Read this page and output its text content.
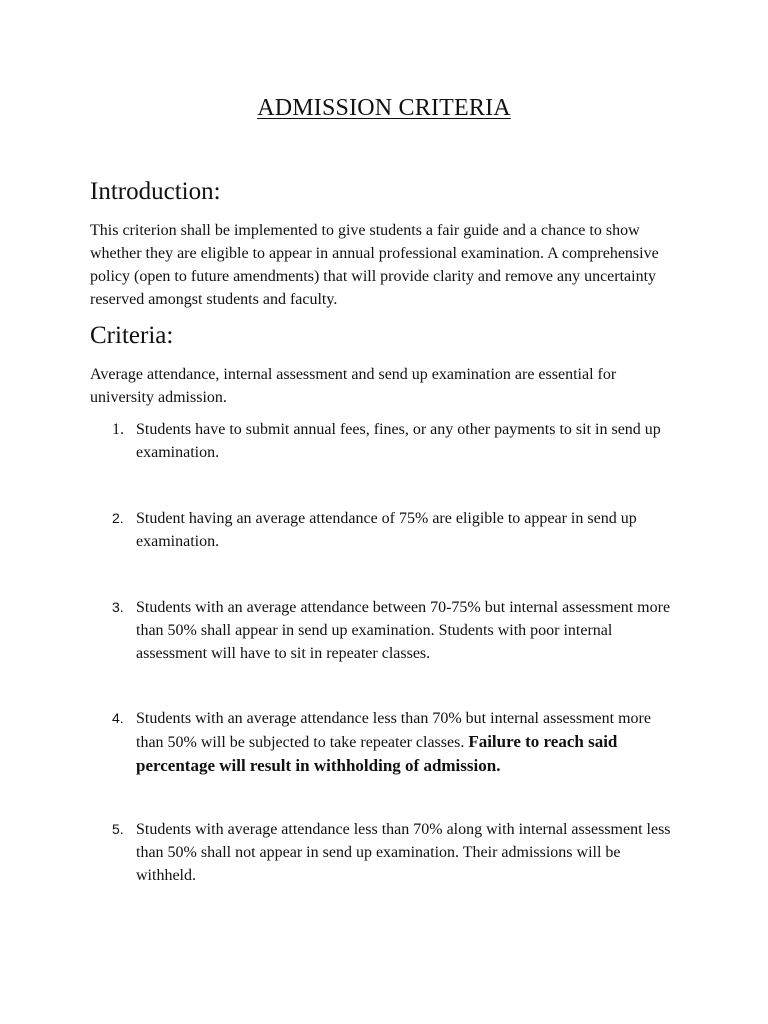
ADMISSION CRITERIA
Introduction:
This criterion shall be implemented to give students a fair guide and a chance to show whether they are eligible to appear in annual professional examination. A comprehensive policy (open to future amendments) that will provide clarity and remove any uncertainty reserved amongst students and faculty.
Criteria:
Average attendance, internal assessment and send up examination are essential for university admission.
1. Students have to submit annual fees, fines, or any other payments to sit in send up examination.
2. Student having an average attendance of 75% are eligible to appear in send up examination.
3. Students with an average attendance between 70-75% but internal assessment more than 50% shall appear in send up examination. Students with poor internal assessment will have to sit in repeater classes.
4. Students with an average attendance less than 70% but internal assessment more than 50% will be subjected to take repeater classes. Failure to reach said percentage will result in withholding of admission.
5. Students with average attendance less than 70% along with internal assessment less than 50% shall not appear in send up examination. Their admissions will be withheld.
